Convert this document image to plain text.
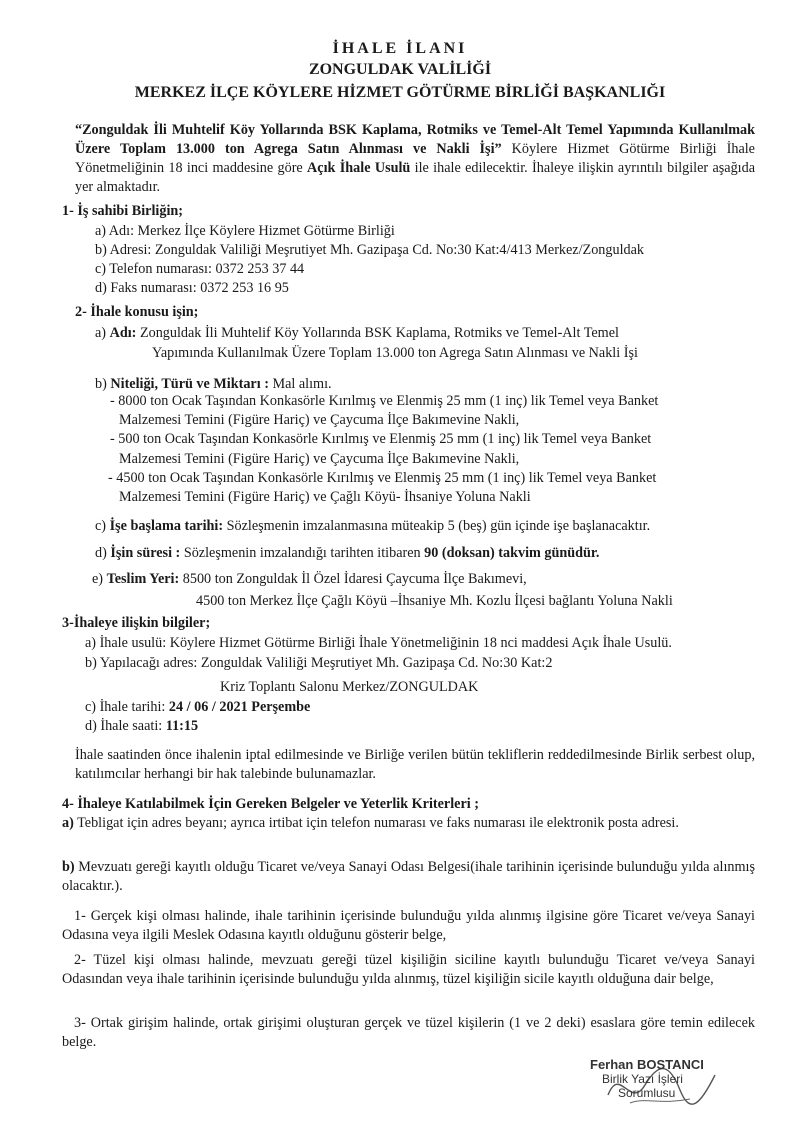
İHALE İLANI
ZONGULDAK VALİLİĞİ
MERKEZ İLÇE KÖYLERE HİZMET GÖTÜRME BİRLİĞİ BAŞKANLIĞI
“Zonguldak İli Muhtelif Köy Yollarında BSK Kaplama, Rotmiks ve Temel-Alt Temel Yapımında Kullanılmak Üzere Toplam 13.000 ton Agrega Satın Alınması ve Nakli İşi” Köylere Hizmet Götürme Birliği İhale Yönetmeliğinin 18 inci maddesine göre Açık İhale Usulü ile ihale edilecektir. İhaleye ilişkin ayrıntılı bilgiler aşağıda yer almaktadır.
1- İş sahibi Birliğin;
a) Adı: Merkez İlçe Köylere Hizmet Götürme Birliği
b) Adresi: Zonguldak Valiliği Meşrutiyet Mh. Gazipaşa Cd. No:30 Kat:4/413 Merkez/Zonguldak
c) Telefon numarası: 0372 253 37 44
d) Faks numarası: 0372 253 16 95
2- İhale konusu işin;
a) Adı: Zonguldak İli Muhtelif Köy Yollarında BSK Kaplama, Rotmiks ve Temel-Alt Temel
Yapımında Kullanılmak Üzere Toplam 13.000 ton Agrega Satın Alınması ve Nakli İşi
b) Niteliği, Türü ve Miktarı : Mal alımı.
- 8000 ton Ocak Taşından Konkasörle Kırılmış ve Elenmiş 25 mm (1 inç) lik Temel veya Banket
Malzemesi Temini (Figüre Hariç) ve Çaycuma İlçe Bakımevine Nakli,
- 500 ton Ocak Taşından Konkasörle Kırılmış ve Elenmiş 25 mm (1 inç) lik Temel veya Banket
Malzemesi Temini (Figüre Hariç) ve Çaycuma İlçe Bakımevine Nakli,
- 4500 ton Ocak Taşından Konkasörle Kırılmış ve Elenmiş 25 mm (1 inç) lik Temel veya Banket
Malzemesi Temini (Figüre Hariç) ve Çağlı Köyü- İhsaniye Yoluna Nakli
c) İşe başlama tarihi: Sözleşmenin imzalanmasına müteakip 5 (beş) gün içinde işe başlanacaktır.
d) İşin süresi : Sözleşmenin imzalandığı tarihten itibaren 90 (doksan) takvim günüdür.
e) Teslim Yeri: 8500 ton Zonguldak İl Özel İdaresi Çaycuma İlçe Bakımevi,
4500 ton Merkez İlçe Çağlı Köyü –İhsaniye Mh. Kozlu İlçesi bağlantı Yoluna Nakli
3-İhaleye ilişkin bilgiler;
a) İhale usulü: Köylere Hizmet Götürme Birliği İhale Yönetmeliğinin 18 nci maddesi Açık İhale Usulü.
b) Yapılacağı adres: Zonguldak Valiliği Meşrutiyet Mh. Gazipaşa Cd. No:30 Kat:2
Kriz Toplantı Salonu Merkez/ZONGULDAK
c) İhale tarihi: 24 / 06 / 2021 Perşembe
d) İhale saati: 11:15
İhale saatinden önce ihalenin iptal edilmesinde ve Birliğe verilen bütün tekliflerin reddedilmesinde Birlik serbest olup, katılımcılar herhangi bir hak talebinde bulunamazlar.
4- İhaleye Katılabilmek İçin Gereken Belgeler ve Yeterlik Kriterleri ;
a) Tebligat için adres beyanı; ayrıca irtibat için telefon numarası ve faks numarası ile elektronik posta adresi.
b) Mevzuatı gereği kayıtlı olduğu Ticaret ve/veya Sanayi Odası Belgesi(ihale tarihinin içerisinde bulunduğu yılda alınmış olacaktır.).
1- Gerçek kişi olması halinde, ihale tarihinin içerisinde bulunduğu yılda alınmış ilgisine göre Ticaret ve/veya Sanayi Odasına veya ilgili Meslek Odasına kayıtlı olduğunu gösterir belge,
2- Tüzel kişi olması halinde, mevzuatı gereği tüzel kişiliğin siciline kayıtlı bulunduğu Ticaret ve/veya Sanayi Odasından veya ihale tarihinin içerisinde bulunduğu yılda alınmış, tüzel kişiliğin sicile kayıtlı olduğuna dair belge,
3- Ortak girişim halinde, ortak girişimi oluşturan gerçek ve tüzel kişilerin (1 ve 2 deki) esaslara göre temin edilecek belge.
Ferhan BOSTANCI
Birlik Yazı İşleri
Sorumlusu
